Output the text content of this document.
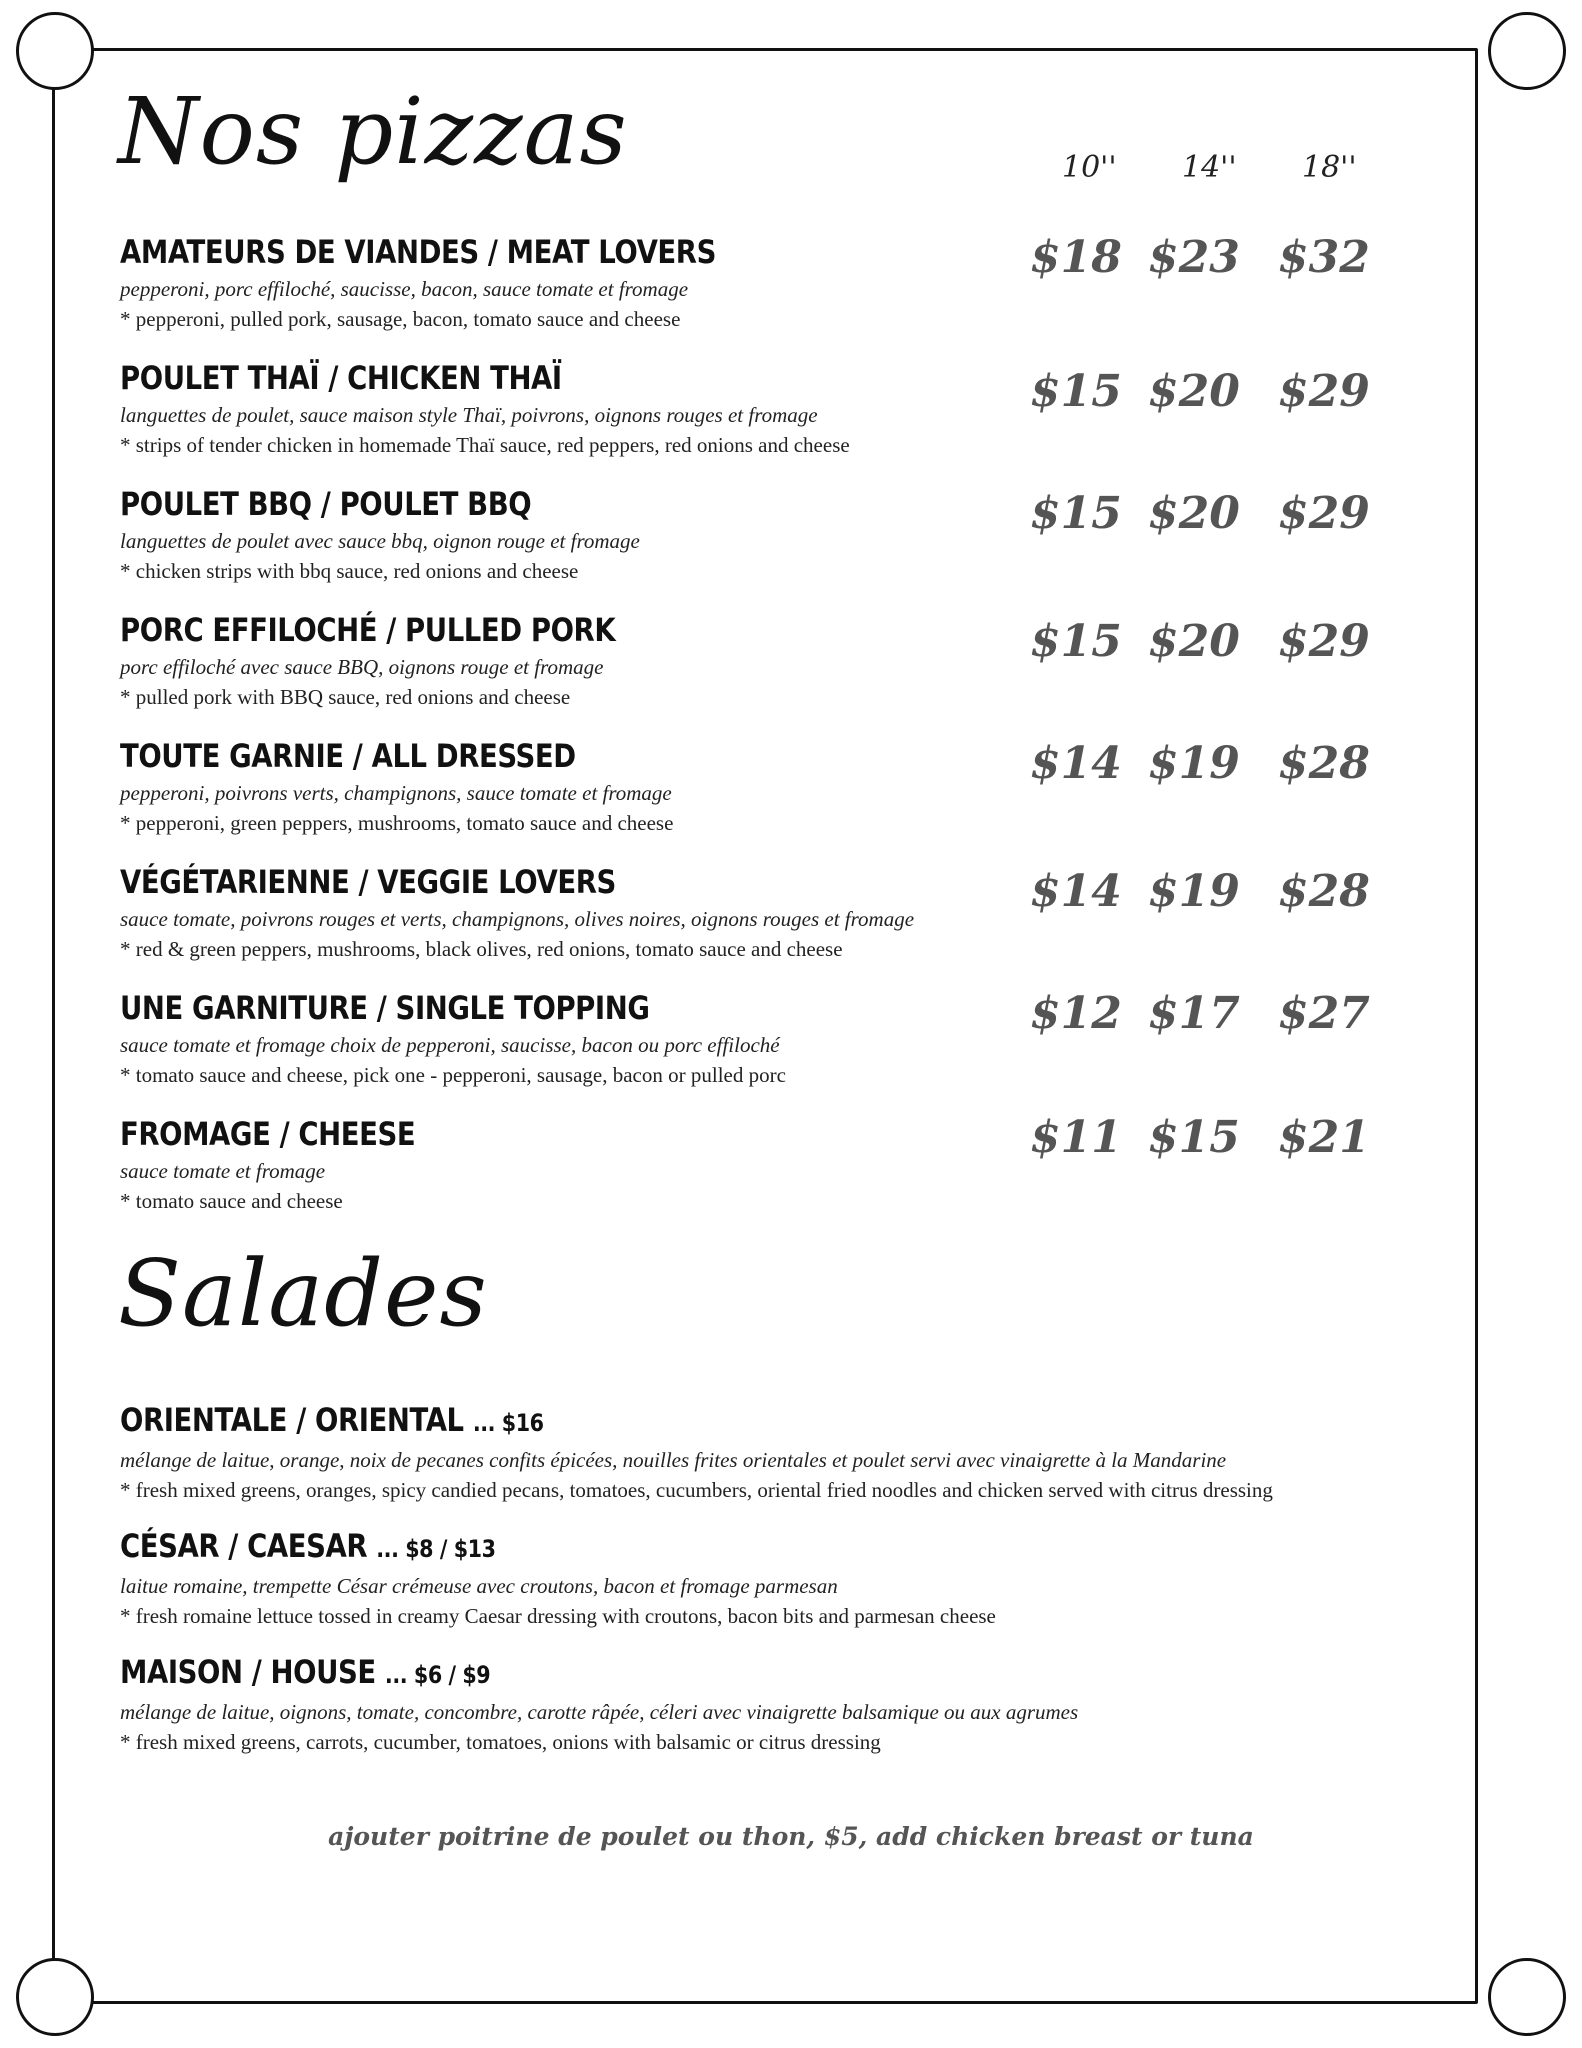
Nos pizzas	10'' 14'' 18''
AMATEURS DE VIANDES / MEAT LOVERS
pepperoni, porc effiloché, saucisse, bacon, sauce tomate et fromage
* pepperoni, pulled pork, sausage, bacon, tomato sauce and cheese
$18 $23 $32
POULET THAÏ / CHICKEN THAÏ
languettes de poulet, sauce maison style Thaï, poivrons, oignons rouges et fromage
* strips of tender chicken in homemade Thaï sauce, red peppers, red onions and cheese
$15 $20 $29
POULET BBQ / POULET BBQ
languettes de poulet avec sauce bbq, oignon rouge et fromage
* chicken strips with bbq sauce, red onions and cheese
$15 $20 $29
PORC EFFILOCHÉ / PULLED PORK
porc effiloché avec sauce BBQ, oignons rouge et fromage
* pulled pork with BBQ sauce, red onions and cheese
$15 $20 $29
TOUTE GARNIE / ALL DRESSED
pepperoni, poivrons verts, champignons, sauce tomate et fromage
* pepperoni, green peppers, mushrooms, tomato sauce and cheese
$14 $19 $28
VÉGÉTARIENNE / VEGGIE LOVERS
sauce tomate, poivrons rouges et verts, champignons, olives noires, oignons rouges et fromage
* red & green peppers, mushrooms, black olives, red onions, tomato sauce and cheese
$14 $19 $28
UNE GARNITURE / SINGLE TOPPING
sauce tomate et fromage choix de pepperoni, saucisse, bacon ou porc effiloché
* tomato sauce and cheese, pick one - pepperoni, sausage, bacon or pulled porc
$12 $17 $27
FROMAGE / CHEESE
sauce tomate et fromage
* tomato sauce and cheese
$11 $15 $21
Salades
ORIENTALE / ORIENTAL ... $16
mélange de laitue, orange, noix de pecanes confits épicées, nouilles frites orientales et poulet servi avec vinaigrette à la Mandarine
* fresh mixed greens, oranges, spicy candied pecans, tomatoes, cucumbers, oriental fried noodles and chicken served with citrus dressing
CÉSAR / CAESAR ... $8 / $13
laitue romaine, trempette César crémeuse avec croutons, bacon et fromage parmesan
* fresh romaine lettuce tossed in creamy Caesar dressing with croutons, bacon bits and parmesan cheese
MAISON / HOUSE ... $6 / $9
mélange de laitue, oignons, tomate, concombre, carotte râpée, céleri avec vinaigrette balsamique ou aux agrumes
* fresh mixed greens, carrots, cucumber, tomatoes, onions with balsamic or citrus dressing
ajouter poitrine de poulet ou thon, $5, add chicken breast or tuna
